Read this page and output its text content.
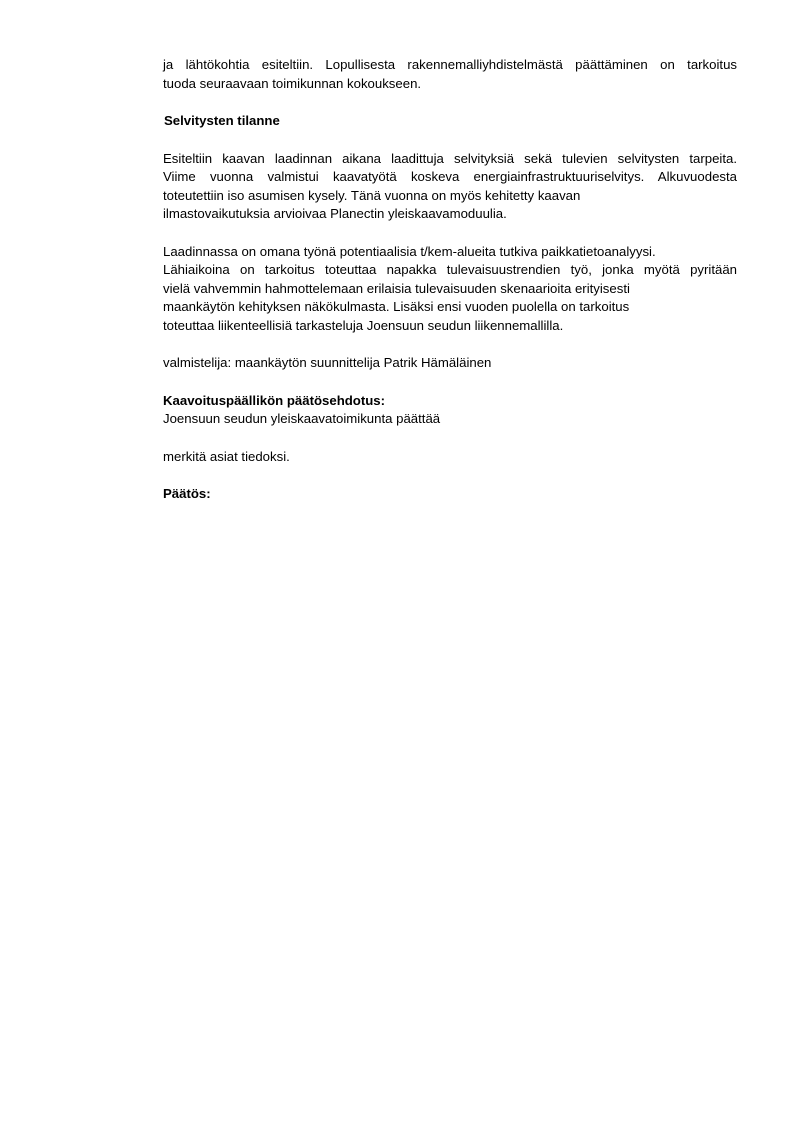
ja lähtökohtia esiteltiin. Lopullisesta rakennemalliyhdistelmästä päättäminen on tarkoitus
tuoda seuraavaan toimikunnan kokoukseen.
Selvitysten tilanne
Esiteltiin kaavan laadinnan aikana laadittuja selvityksiä sekä tulevien selvitysten tarpeita.
Viime vuonna valmistui kaavatyötä koskeva energiainfrastruktuuriselvitys. Alkuvuodesta
toteutettiin iso asumisen kysely. Tänä vuonna on myös kehitetty kaavan
ilmastovaikutuksia arvioivaa Planectin yleiskaavamoduulia.
Laadinnassa on omana työnä potentiaalisia t/kem-alueita tutkiva paikkatietoanalyysi.
Lähiaikoina on tarkoitus toteuttaa napakka tulevaisuustrendien työ, jonka myötä pyritään
vielä vahvemmin hahmottelemaan erilaisia tulevaisuuden skenaarioita erityisesti
maankäytön kehityksen näkökulmasta. Lisäksi ensi vuoden puolella on tarkoitus
toteuttaa liikenteellisiä tarkasteluja Joensuun seudun liikennemallilla.
valmistelija: maankäytön suunnittelija Patrik Hämäläinen
Kaavoituspäällikön päätösehdotus:
Joensuun seudun yleiskaavatoimikunta päättää
merkitä asiat tiedoksi.
Päätös:
